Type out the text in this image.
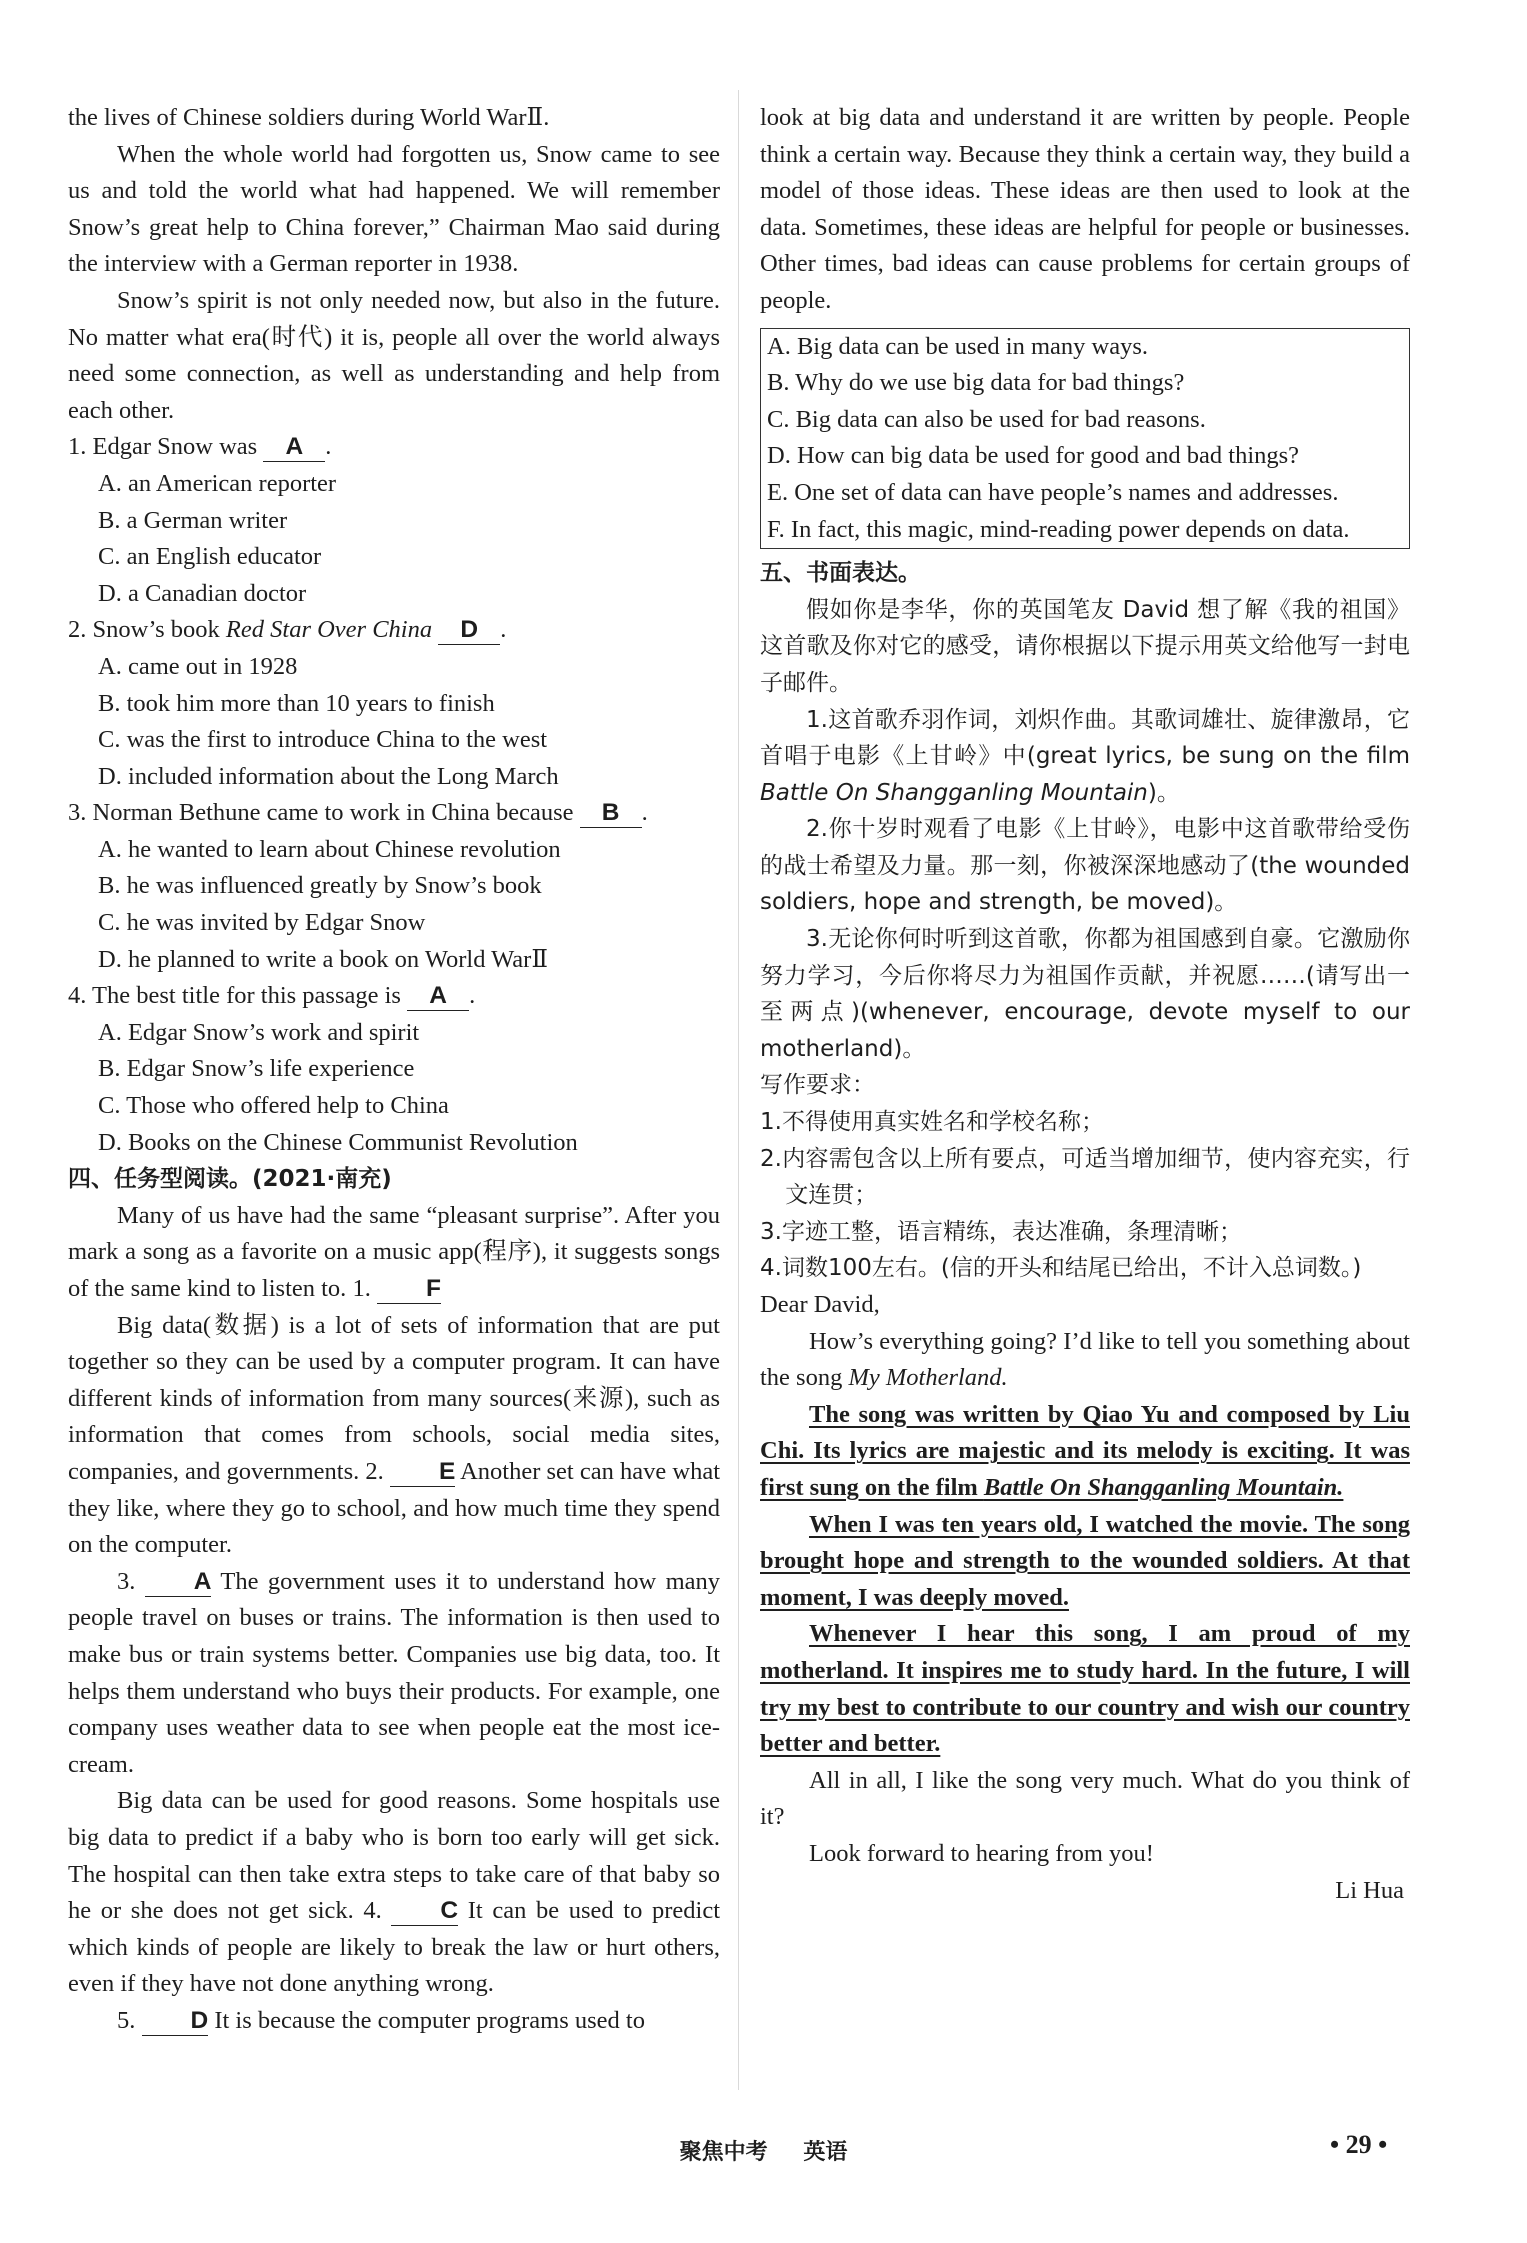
the lives of Chinese soldiers during World WarⅡ.

When the whole world had forgotten us, Snow came to see us and told the world what had happened. We will remember Snow’s great help to China forever,” Chairman Mao said during the interview with a German reporter in 1938.

Snow’s spirit is not only needed now, but also in the future. No matter what era(时代) it is, people all over the world always need some connection, as well as understanding and help from each other.

1. Edgar Snow was A .

A. an American reporter

B. a German writer

C. an English educator

D. a Canadian doctor

2. Snow’s book Red Star Over China D .

A. came out in 1928

B. took him more than 10 years to finish

C. was the first to introduce China to the west

D. included information about the Long March

3. Norman Bethune came to work in China because B .

A. he wanted to learn about Chinese revolution

B. he was influenced greatly by Snow’s book

C. he was invited by Edgar Snow

D. he planned to write a book on World WarⅡ

4. The best title for this passage is A .

A. Edgar Snow’s work and spirit

B. Edgar Snow’s life experience

C. Those who offered help to China

D. Books on the Chinese Communist Revolution

四、任务型阅读。(2021·南充)

Many of us have had the same “pleasant surprise”. After you mark a song as a favorite on a music app(程序), it suggests songs of the same kind to listen to. 1. F

Big data(数据) is a lot of sets of information that are put together so they can be used by a computer program. It can have different kinds of information from many sources(来源), such as information that comes from schools, social media sites, companies, and governments. 2. E Another set can have what they like, where they go to school, and how much time they spend on the computer.

3. A The government uses it to understand how many people travel on buses or trains. The information is then used to make bus or train systems better. Companies use big data, too. It helps them understand who buys their products. For example, one company uses weather data to see when people eat the most ice-cream.

Big data can be used for good reasons. Some hospitals use big data to predict if a baby who is born too early will get sick. The hospital can then take extra steps to take care of that baby so he or she does not get sick. 4. C It can be used to predict which kinds of people are likely to break the law or hurt others, even if they have not done anything wrong.

5. D It is because the computer programs used to

look at big data and understand it are written by people. People think a certain way. Because they think a certain way, they build a model of those ideas. These ideas are then used to look at the data. Sometimes, these ideas are helpful for people or businesses. Other times, bad ideas can cause problems for certain groups of people.

A. Big data can be used in many ways.

B. Why do we use big data for bad things?

C. Big data can also be used for bad reasons.

D. How can big data be used for good and bad things?

E. One set of data can have people’s names and addresses.

F. In fact, this magic, mind-reading power depends on data.

五、书面表达。

假如你是李华，你的英国笔友 David 想了解《我的祖国》这首歌及你对它的感受，请你根据以下提示用英文给他写一封电子邮件。

1.这首歌乔羽作词，刘炽作曲。其歌词雄壮、旋律激昂，它首唱于电影《上甘岭》中(great lyrics, be sung on the film Battle On Shangganling Mountain)。

2.你十岁时观看了电影《上甘岭》，电影中这首歌带给受伤的战士希望及力量。那一刻，你被深深地感动了(the wounded soldiers, hope and strength, be moved)。

3.无论你何时听到这首歌，你都为祖国感到自豪。它激励你努力学习，今后你将尽力为祖国作贡献，并祝愿……(请写出一至两点)(whenever, encourage, devote myself to our motherland)。

写作要求：

1.不得使用真实姓名和学校名称；

2.内容需包含以上所有要点，可适当增加细节，使内容充实，行文连贯；

3.字迹工整，语言精练，表达准确，条理清晰；

4.词数100左右。(信的开头和结尾已给出，不计入总词数。)

Dear David,

How’s everything going? I’d like to tell you something about the song My Motherland.

The song was written by Qiao Yu and composed by Liu Chi. Its lyrics are majestic and its melody is exciting. It was first sung on the film Battle On Shangganling Mountain.

When I was ten years old, I watched the movie. The song brought hope and strength to the wounded soldiers. At that moment, I was deeply moved.

Whenever I hear this song, I am proud of my motherland. It inspires me to study hard. In the future, I will try my best to contribute to our country and wish our country better and better.

All in all, I like the song very much. What do you think of it?

Look forward to hearing from you!

Li Hua

聚焦中考 英语	• 29 •
